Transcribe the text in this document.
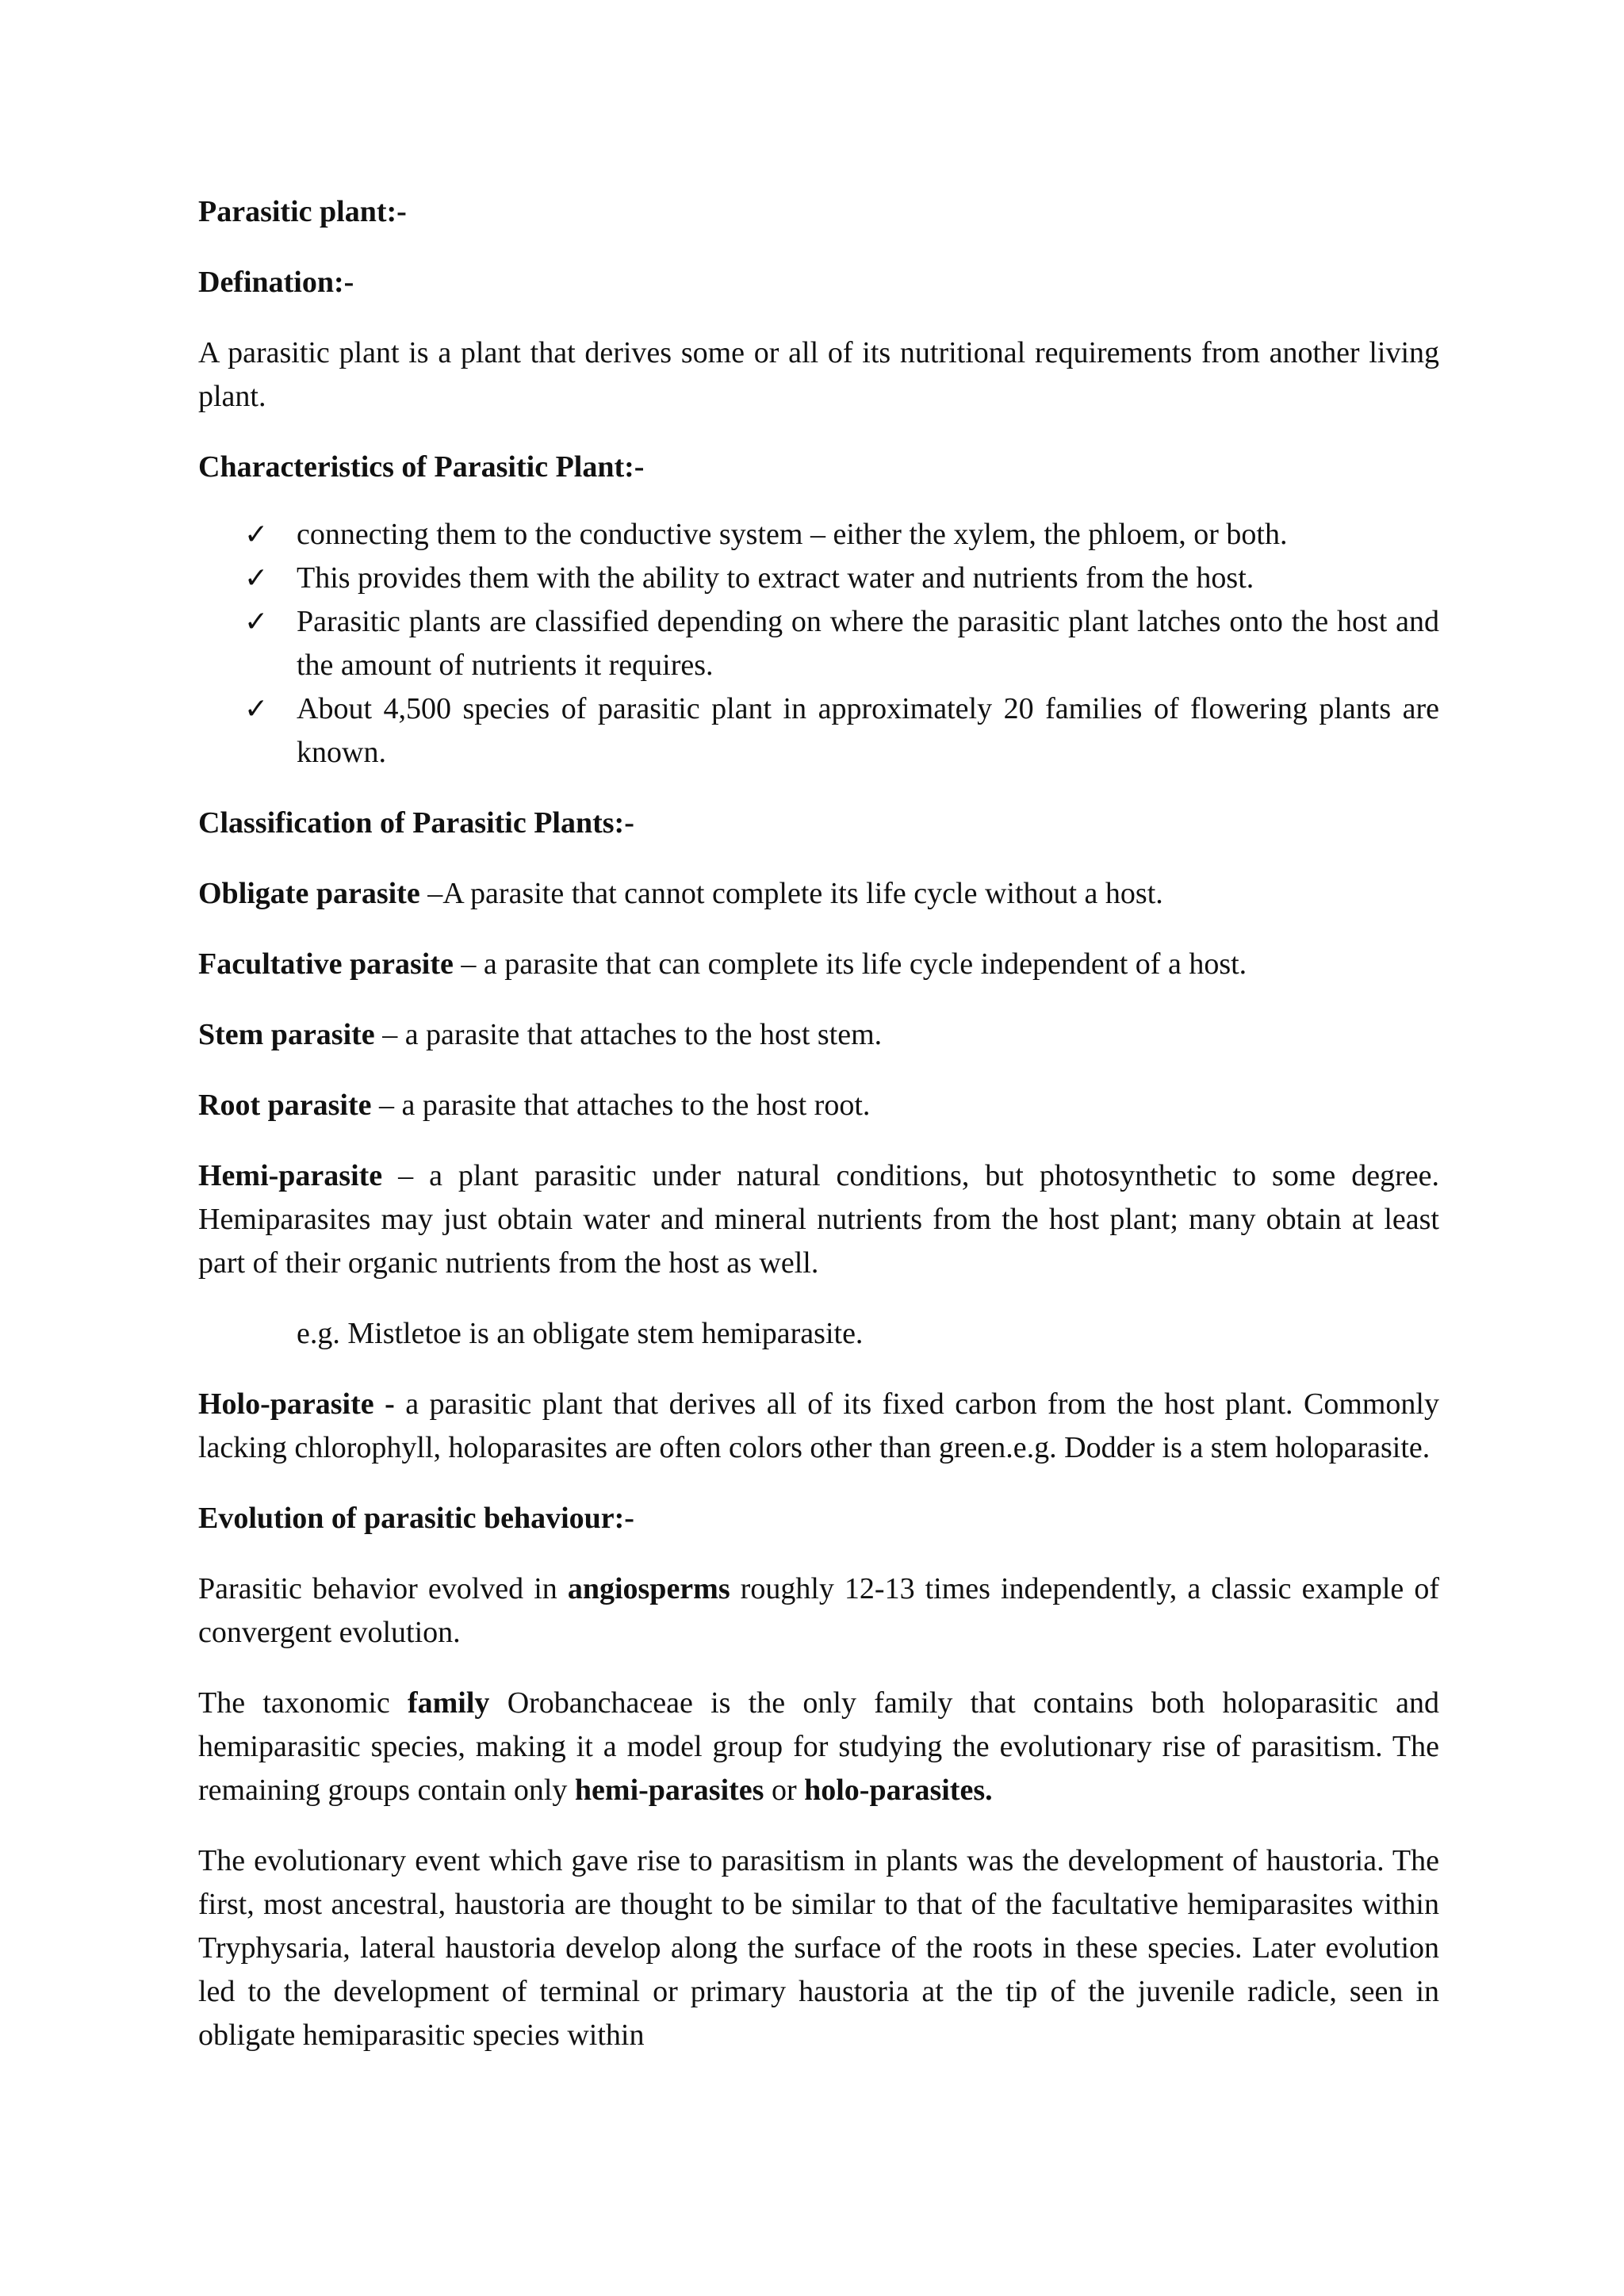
Parasitic plant:-
Defination:-
A parasitic plant is a plant that derives some or all of its nutritional requirements from another living plant.
Characteristics of Parasitic Plant:-
✓ connecting them to the conductive system – either the xylem, the phloem, or both.
✓ This provides them with the ability to extract water and nutrients from the host.
✓ Parasitic plants are classified depending on where the parasitic plant latches onto the host and the amount of nutrients it requires.
✓ About 4,500 species of parasitic plant in approximately 20 families of flowering plants are known.
Classification of Parasitic Plants:-
Obligate parasite –A parasite that cannot complete its life cycle without a host.
Facultative parasite – a parasite that can complete its life cycle independent of a host.
Stem parasite – a parasite that attaches to the host stem.
Root parasite – a parasite that attaches to the host root.
Hemi-parasite – a plant parasitic under natural conditions, but photosynthetic to some degree. Hemiparasites may just obtain water and mineral nutrients from the host plant; many obtain at least part of their organic nutrients from the host as well.
e.g. Mistletoe is an obligate stem hemiparasite.
Holo-parasite - a parasitic plant that derives all of its fixed carbon from the host plant. Commonly lacking chlorophyll, holoparasites are often colors other than green.e.g. Dodder is a stem holoparasite.
Evolution of parasitic behaviour:-
Parasitic behavior evolved in angiosperms roughly 12-13 times independently, a classic example of convergent evolution.
The taxonomic family Orobanchaceae is the only family that contains both holoparasitic and hemiparasitic species, making it a model group for studying the evolutionary rise of parasitism. The remaining groups contain only hemi-parasites or holo-parasites.
The evolutionary event which gave rise to parasitism in plants was the development of haustoria. The first, most ancestral, haustoria are thought to be similar to that of the facultative hemiparasites within Tryphysaria, lateral haustoria develop along the surface of the roots in these species. Later evolution led to the development of terminal or primary haustoria at the tip of the juvenile radicle, seen in obligate hemiparasitic species within
